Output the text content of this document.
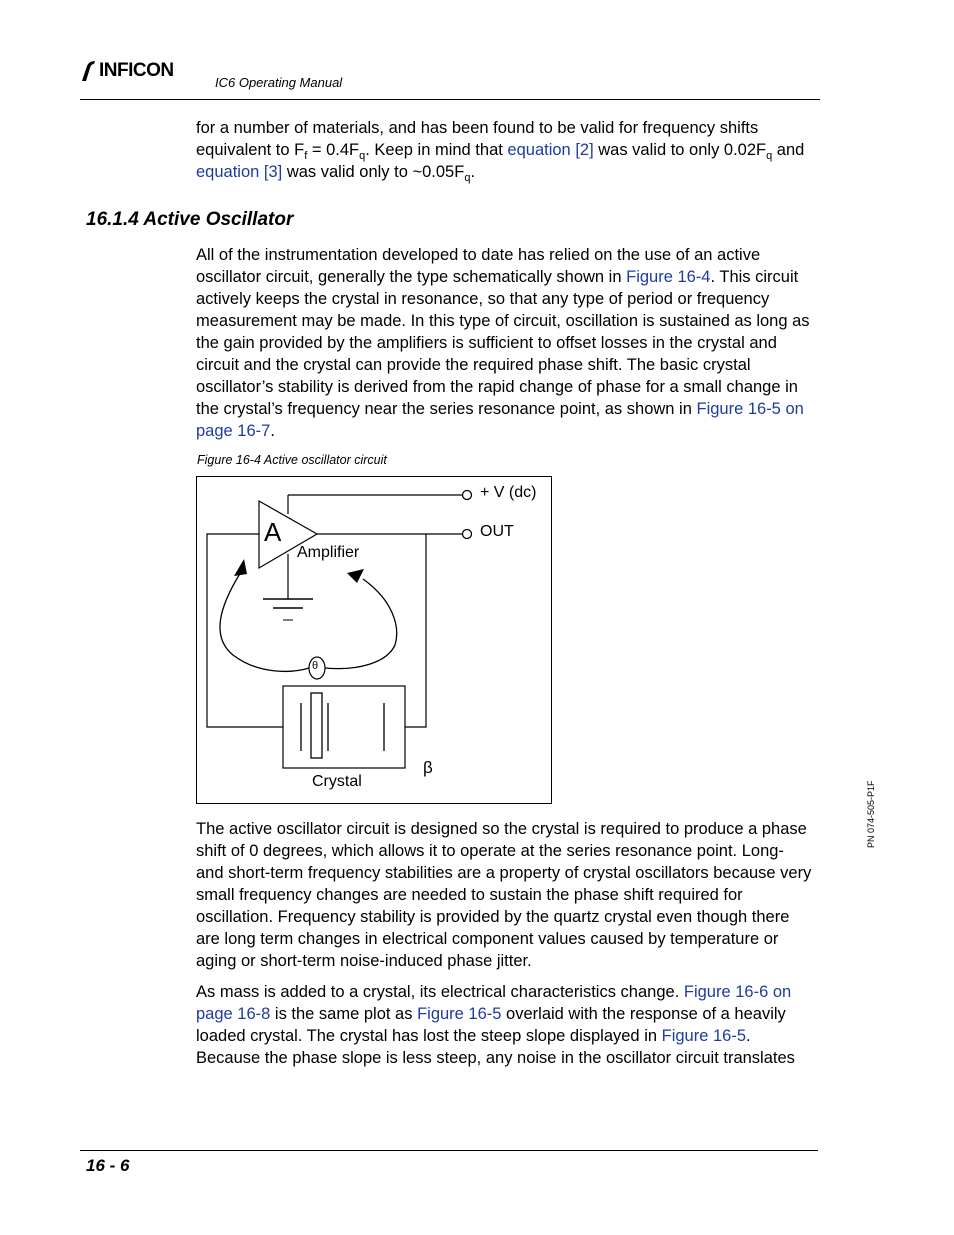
INFICON
IC6 Operating Manual
for a number of materials, and has been found to be valid for frequency shifts equivalent to $F_f = 0.4F_q$. Keep in mind that equation [2] was valid to only $0.02F_q$ and equation [3] was valid only to $\sim 0.05F_q$.
16.1.4 Active Oscillator
All of the instrumentation developed to date has relied on the use of an active oscillator circuit, generally the type schematically shown in Figure 16-4. This circuit actively keeps the crystal in resonance, so that any type of period or frequency measurement may be made. In this type of circuit, oscillation is sustained as long as the gain provided by the amplifiers is sufficient to offset losses in the crystal and circuit and the crystal can provide the required phase shift. The basic crystal oscillator’s stability is derived from the rapid change of phase for a small change in the crystal’s frequency near the series resonance point, as shown in Figure 16-5 on page 16-7.
Figure 16-4 Active oscillator circuit
A
+ V (dc)
OUT
Amplifier
θ
Crystal
β
The active oscillator circuit is designed so the crystal is required to produce a phase shift of 0 degrees, which allows it to operate at the series resonance point. Long- and short-term frequency stabilities are a property of crystal oscillators because very small frequency changes are needed to sustain the phase shift required for oscillation. Frequency stability is provided by the quartz crystal even though there are long term changes in electrical component values caused by temperature or aging or short-term noise-induced phase jitter.
As mass is added to a crystal, its electrical characteristics change. Figure 16-6 on page 16-8 is the same plot as Figure 16-5 overlaid with the response of a heavily loaded crystal. The crystal has lost the steep slope displayed in Figure 16-5. Because the phase slope is less steep, any noise in the oscillator circuit translates
PN 074-505-P1F
16 - 6
